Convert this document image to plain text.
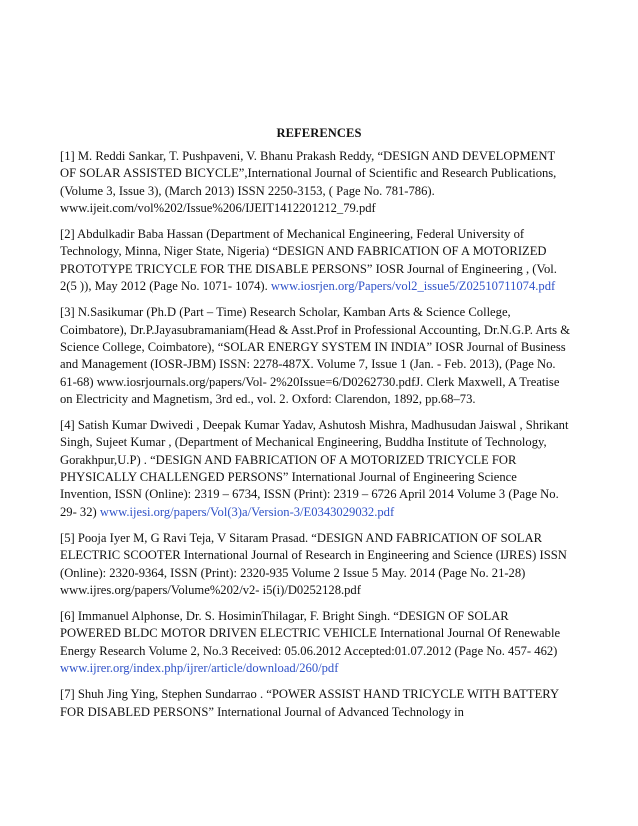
REFERENCES

[1] M. Reddi Sankar, T. Pushpaveni, V. Bhanu Prakash Reddy, “DESIGN AND DEVELOPMENT OF SOLAR ASSISTED BICYCLE”,International Journal of Scientific and Research Publications, (Volume 3, Issue 3), (March 2013) ISSN 2250-3153, ( Page No. 781-786). www.ijeit.com/vol%202/Issue%206/IJEIT1412201212_79.pdf

[2] Abdulkadir Baba Hassan (Department of Mechanical Engineering, Federal University of Technology, Minna, Niger State, Nigeria) “DESIGN AND FABRICATION OF A MOTORIZED PROTOTYPE TRICYCLE FOR THE DISABLE PERSONS” IOSR Journal of Engineering , (Vol. 2(5 )), May 2012 (Page No. 1071- 1074). www.iosrjen.org/Papers/vol2_issue5/Z02510711074.pdf

[3] N.Sasikumar (Ph.D (Part – Time) Research Scholar, Kamban Arts & Science College, Coimbatore), Dr.P.Jayasubramaniam(Head & Asst.Prof in Professional Accounting, Dr.N.G.P. Arts & Science College, Coimbatore), “SOLAR ENERGY SYSTEM IN INDIA” IOSR Journal of Business and Management (IOSR-JBM) ISSN: 2278-487X. Volume 7, Issue 1 (Jan. - Feb. 2013), (Page No. 61-68) www.iosrjournals.org/papers/Vol- 2%20Issue=6/D0262730.pdfJ. Clerk Maxwell, A Treatise on Electricity and Magnetism, 3rd ed., vol. 2. Oxford: Clarendon, 1892, pp.68–73.

[4] Satish Kumar Dwivedi , Deepak Kumar Yadav, Ashutosh Mishra, Madhusudan Jaiswal , Shrikant Singh, Sujeet Kumar , (Department of Mechanical Engineering, Buddha Institute of Technology, Gorakhpur,U.P) . “DESIGN AND FABRICATION OF A MOTORIZED TRICYCLE FOR PHYSICALLY CHALLENGED PERSONS” International Journal of Engineering Science Invention, ISSN (Online): 2319 – 6734, ISSN (Print): 2319 – 6726 April 2014 Volume 3 (Page No. 29- 32) www.ijesi.org/papers/Vol(3)a/Version-3/E0343029032.pdf

[5] Pooja Iyer M, G Ravi Teja, V Sitaram Prasad. “DESIGN AND FABRICATION OF SOLAR ELECTRIC SCOOTER International Journal of Research in Engineering and Science (IJRES) ISSN (Online): 2320-9364, ISSN (Print): 2320-935 Volume 2 Issue 5 May. 2014 (Page No. 21-28) www.ijres.org/papers/Volume%202/v2- i5(i)/D0252128.pdf

[6] Immanuel Alphonse, Dr. S. HosiminThilagar, F. Bright Singh. “DESIGN OF SOLAR POWERED BLDC MOTOR DRIVEN ELECTRIC VEHICLE International Journal Of Renewable Energy Research Volume 2, No.3 Received: 05.06.2012 Accepted:01.07.2012 (Page No. 457- 462) www.ijrer.org/index.php/ijrer/article/download/260/pdf

[7] Shuh Jing Ying, Stephen Sundarrao . “POWER ASSIST HAND TRICYCLE WITH BATTERY FOR DISABLED PERSONS” International Journal of Advanced Technology in
